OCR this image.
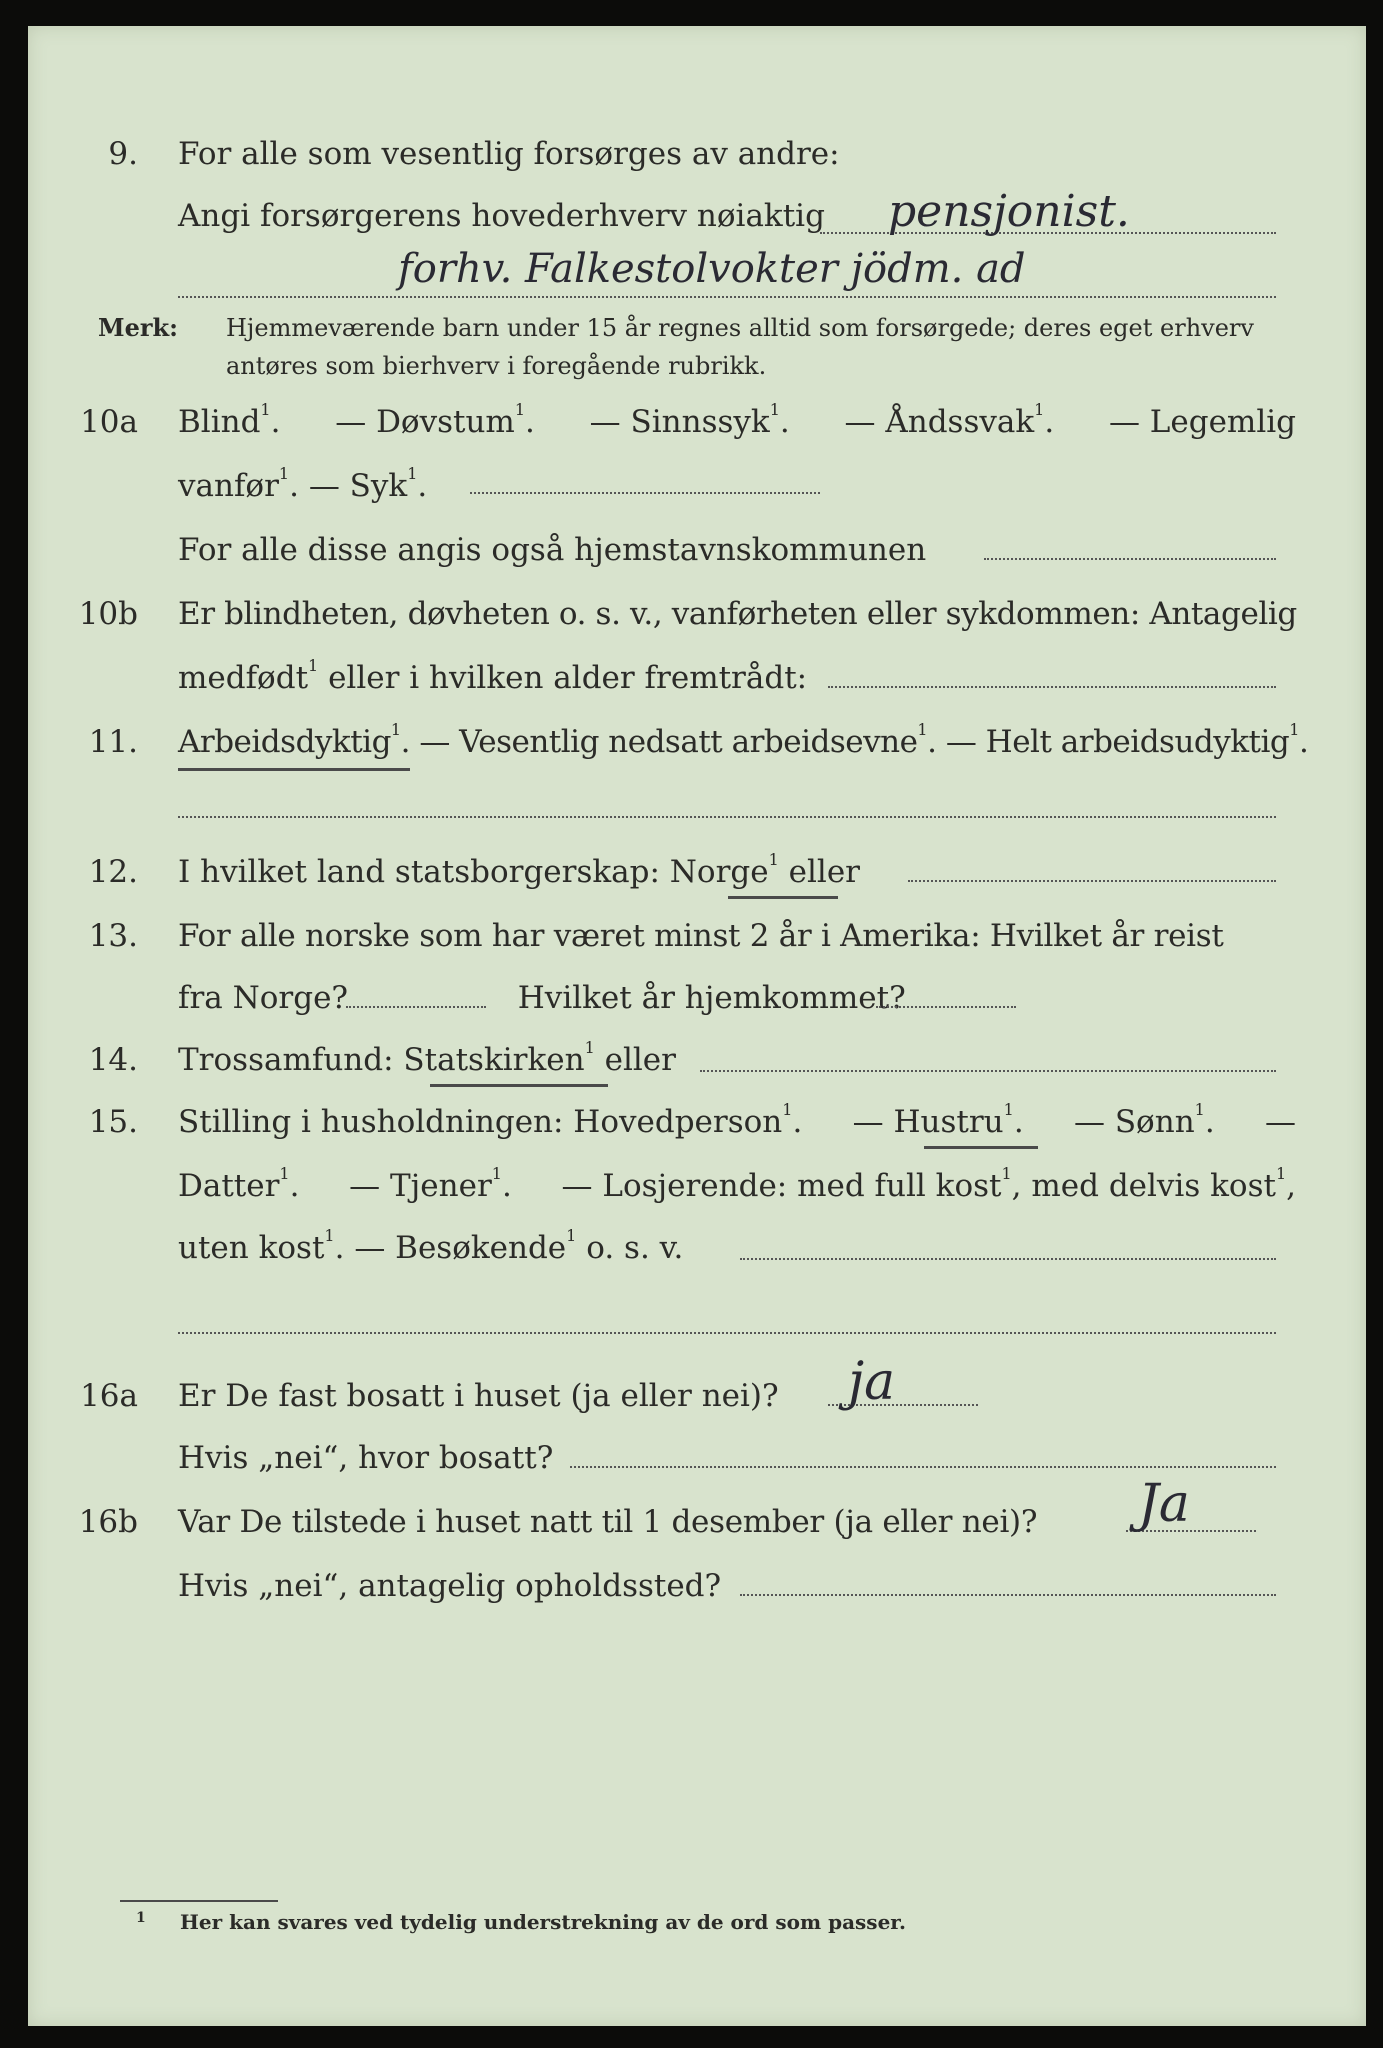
9. For alle som vesentlig forsørges av andre:
Angi forsørgerens hovederhverv nøiaktig	pensjonist.
forhv. Falkestolvokter jödm. ad
Merk: Hjemmeværende barn under 15 år regnes alltid som forsørgede; deres eget erhverv
antøres som bierhverv i foregående rubrikk.
10a Blind$^1$. — Døvstum$^1$. — Sinnssyk$^1$. — Åndssvak$^1$. — Legemlig
vanfør$^1$. — Syk$^1$.
For alle disse angis også hjemstavnskommunen
10b Er blindheten, døvheten o. s. v., vanførheten eller sykdommen: Antagelig
medfødt$^1$ eller i hvilken alder fremtrådt:
11. Arbeidsdyktig$^1$. — Vesentlig nedsatt arbeidsevne$^1$. — Helt arbeidsudyktig$^1$.
12. I hvilket land statsborgerskap: Norge$^1$ eller
13. For alle norske som har været minst 2 år i Amerika: Hvilket år reist
fra Norge?	Hvilket år hjemkommet?
14. Trossamfund: Statskirken$^1$ eller
15. Stilling i husholdningen: Hovedperson$^1$. — Hustru$^1$. — Sønn$^1$. —
Datter$^1$. — Tjener$^1$. — Losjerende: med full kost$^1$, med delvis kost$^1$,
uten kost$^1$. — Besøkende$^1$ o. s. v.
16a Er De fast bosatt i huset (ja eller nei)?	ja
Hvis „nei“, hvor bosatt?
16b Var De tilstede i huset natt til 1 desember (ja eller nei)?	Ja
Hvis „nei“, antagelig opholdssted?
1 Her kan svares ved tydelig understrekning av de ord som passer.
